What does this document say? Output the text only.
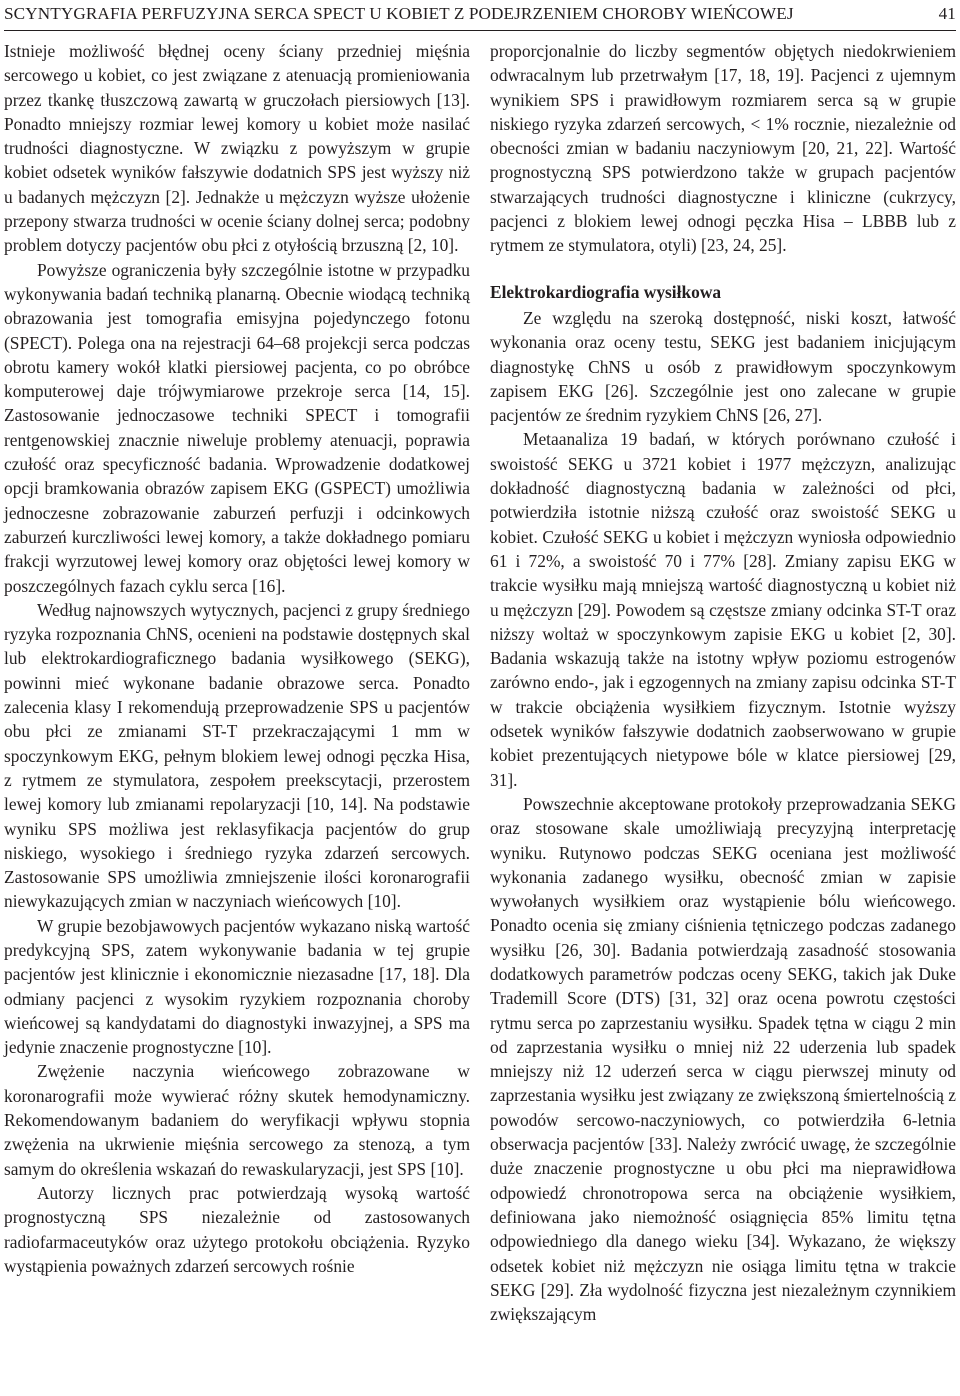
SCYNTYGRAFIA PERFUZYJNA SERCA SPECT U KOBIET Z PODEJRZENIEM CHOROBY WIEŃCOWEJ	41

Istnieje możliwość błędnej oceny ściany przedniej mięśnia sercowego u kobiet, co jest związane z atenuacją promieniowania przez tkankę tłuszczową zawartą w gruczołach piersiowych [13]. Ponadto mniejszy rozmiar lewej komory u kobiet może nasilać trudności diagnostyczne. W związku z powyższym w grupie kobiet odsetek wyników fałszywie dodatnich SPS jest wyższy niż u badanych mężczyzn [2]. Jednakże u mężczyzn wyższe ułożenie przepony stwarza trudności w ocenie ściany dolnej serca; podobny problem dotyczy pacjentów obu płci z otyłością brzuszną [2, 10].

Powyższe ograniczenia były szczególnie istotne w przypadku wykonywania badań techniką planarną. Obecnie wiodącą techniką obrazowania jest tomografia emisyjna pojedynczego fotonu (SPECT). Polega ona na rejestracji 64–68 projekcji serca podczas obrotu kamery wokół klatki piersiowej pacjenta, co po obróbce komputerowej daje trójwymiarowe przekroje serca [14, 15]. Zastosowanie jednoczasowe techniki SPECT i tomografii rentgenowskiej znacznie niweluje problemy atenuacji, poprawia czułość oraz specyficzność badania. Wprowadzenie dodatkowej opcji bramkowania obrazów zapisem EKG (GSPECT) umożliwia jednoczesne zobrazowanie zaburzeń perfuzji i odcinkowych zaburzeń kurczliwości lewej komory, a także dokładnego pomiaru frakcji wyrzutowej lewej komory oraz objętości lewej komory w poszczególnych fazach cyklu serca [16].

Według najnowszych wytycznych, pacjenci z grupy średniego ryzyka rozpoznania ChNS, ocenieni na podstawie dostępnych skal lub elektrokardiograficznego badania wysiłkowego (SEKG), powinni mieć wykonane badanie obrazowe serca. Ponadto zalecenia klasy I rekomendują przeprowadzenie SPS u pacjentów obu płci ze zmianami ST-T przekraczającymi 1 mm w spoczynkowym EKG, pełnym blokiem lewej odnogi pęczka Hisa, z rytmem ze stymulatora, zespołem preekscytacji, przerostem lewej komory lub zmianami repolaryzacji [10, 14]. Na podstawie wyniku SPS możliwa jest reklasyfikacja pacjentów do grup niskiego, wysokiego i średniego ryzyka zdarzeń sercowych. Zastosowanie SPS umożliwia zmniejszenie ilości koronarografii niewykazujących zmian w naczyniach wieńcowych [10].

W grupie bezobjawowych pacjentów wykazano niską wartość predykcyjną SPS, zatem wykonywanie badania w tej grupie pacjentów jest klinicznie i ekonomicznie niezasadne [17, 18]. Dla odmiany pacjenci z wysokim ryzykiem rozpoznania choroby wieńcowej są kandydatami do diagnostyki inwazyjnej, a SPS ma jedynie znaczenie prognostyczne [10].

Zwężenie naczynia wieńcowego zobrazowane w koronarografii może wywierać różny skutek hemodynamiczny. Rekomendowanym badaniem do weryfikacji wpływu stopnia zwężenia na ukrwienie mięśnia sercowego za stenozą, a tym samym do określenia wskazań do rewaskularyzacji, jest SPS [10].

Autorzy licznych prac potwierdzają wysoką wartość prognostyczną SPS niezależnie od zastosowanych radiofarmaceutyków oraz użytego protokołu obciążenia. Ryzyko wystąpienia poważnych zdarzeń sercowych rośnie

proporcjonalnie do liczby segmentów objętych niedokrwieniem odwracalnym lub przetrwałym [17, 18, 19]. Pacjenci z ujemnym wynikiem SPS i prawidłowym rozmiarem serca są w grupie niskiego ryzyka zdarzeń sercowych, < 1% rocznie, niezależnie od obecności zmian w badaniu naczyniowym [20, 21, 22]. Wartość prognostyczną SPS potwierdzono także w grupach pacjentów stwarzających trudności diagnostyczne i kliniczne (cukrzycy, pacjenci z blokiem lewej odnogi pęczka Hisa – LBBB lub z rytmem ze stymulatora, otyli) [23, 24, 25].

Elektrokardiografia wysiłkowa

Ze względu na szeroką dostępność, niski koszt, łatwość wykonania oraz oceny testu, SEKG jest badaniem inicjującym diagnostykę ChNS u osób z prawidłowym spoczynkowym zapisem EKG [26]. Szczególnie jest ono zalecane w grupie pacjentów ze średnim ryzykiem ChNS [26, 27].

Metaanaliza 19 badań, w których porównano czułość i swoistość SEKG u 3721 kobiet i 1977 mężczyzn, analizując dokładność diagnostyczną badania w zależności od płci, potwierdziła istotnie niższą czułość oraz swoistość SEKG u kobiet. Czułość SEKG u kobiet i mężczyzn wyniosła odpowiednio 61 i 72%, a swoistość 70 i 77% [28]. Zmiany zapisu EKG w trakcie wysiłku mają mniejszą wartość diagnostyczną u kobiet niż u mężczyzn [29]. Powodem są częstsze zmiany odcinka ST-T oraz niższy woltaż w spoczynkowym zapisie EKG u kobiet [2, 30]. Badania wskazują także na istotny wpływ poziomu estrogenów zarówno endo-, jak i egzogennych na zmiany zapisu odcinka ST-T w trakcie obciążenia wysiłkiem fizycznym. Istotnie wyższy odsetek wyników fałszywie dodatnich zaobserwowano w grupie kobiet prezentujących nietypowe bóle w klatce piersiowej [29, 31].

Powszechnie akceptowane protokoły przeprowadzania SEKG oraz stosowane skale umożliwiają precyzyjną interpretację wyniku. Rutynowo podczas SEKG oceniana jest możliwość wykonania zadanego wysiłku, obecność zmian w zapisie wywołanych wysiłkiem oraz wystąpienie bólu wieńcowego. Ponadto ocenia się zmiany ciśnienia tętniczego podczas zadanego wysiłku [26, 30]. Badania potwierdzają zasadność stosowania dodatkowych parametrów podczas oceny SEKG, takich jak Duke Trademill Score (DTS) [31, 32] oraz ocena powrotu częstości rytmu serca po zaprzestaniu wysiłku. Spadek tętna w ciągu 2 min od zaprzestania wysiłku o mniej niż 22 uderzenia lub spadek mniejszy niż 12 uderzeń serca w ciągu pierwszej minuty od zaprzestania wysiłku jest związany ze zwiększoną śmiertelnością z powodów sercowo-naczyniowych, co potwierdziła 6-letnia obserwacja pacjentów [33]. Należy zwrócić uwagę, że szczególnie duże znaczenie prognostyczne u obu płci ma nieprawidłowa odpowiedź chronotropowa serca na obciążenie wysiłkiem, definiowana jako niemożność osiągnięcia 85% limitu tętna odpowiedniego dla danego wieku [34]. Wykazano, że większy odsetek kobiet niż mężczyzn nie osiąga limitu tętna w trakcie SEKG [29]. Zła wydolność fizyczna jest niezależnym czynnikiem zwiększającym
